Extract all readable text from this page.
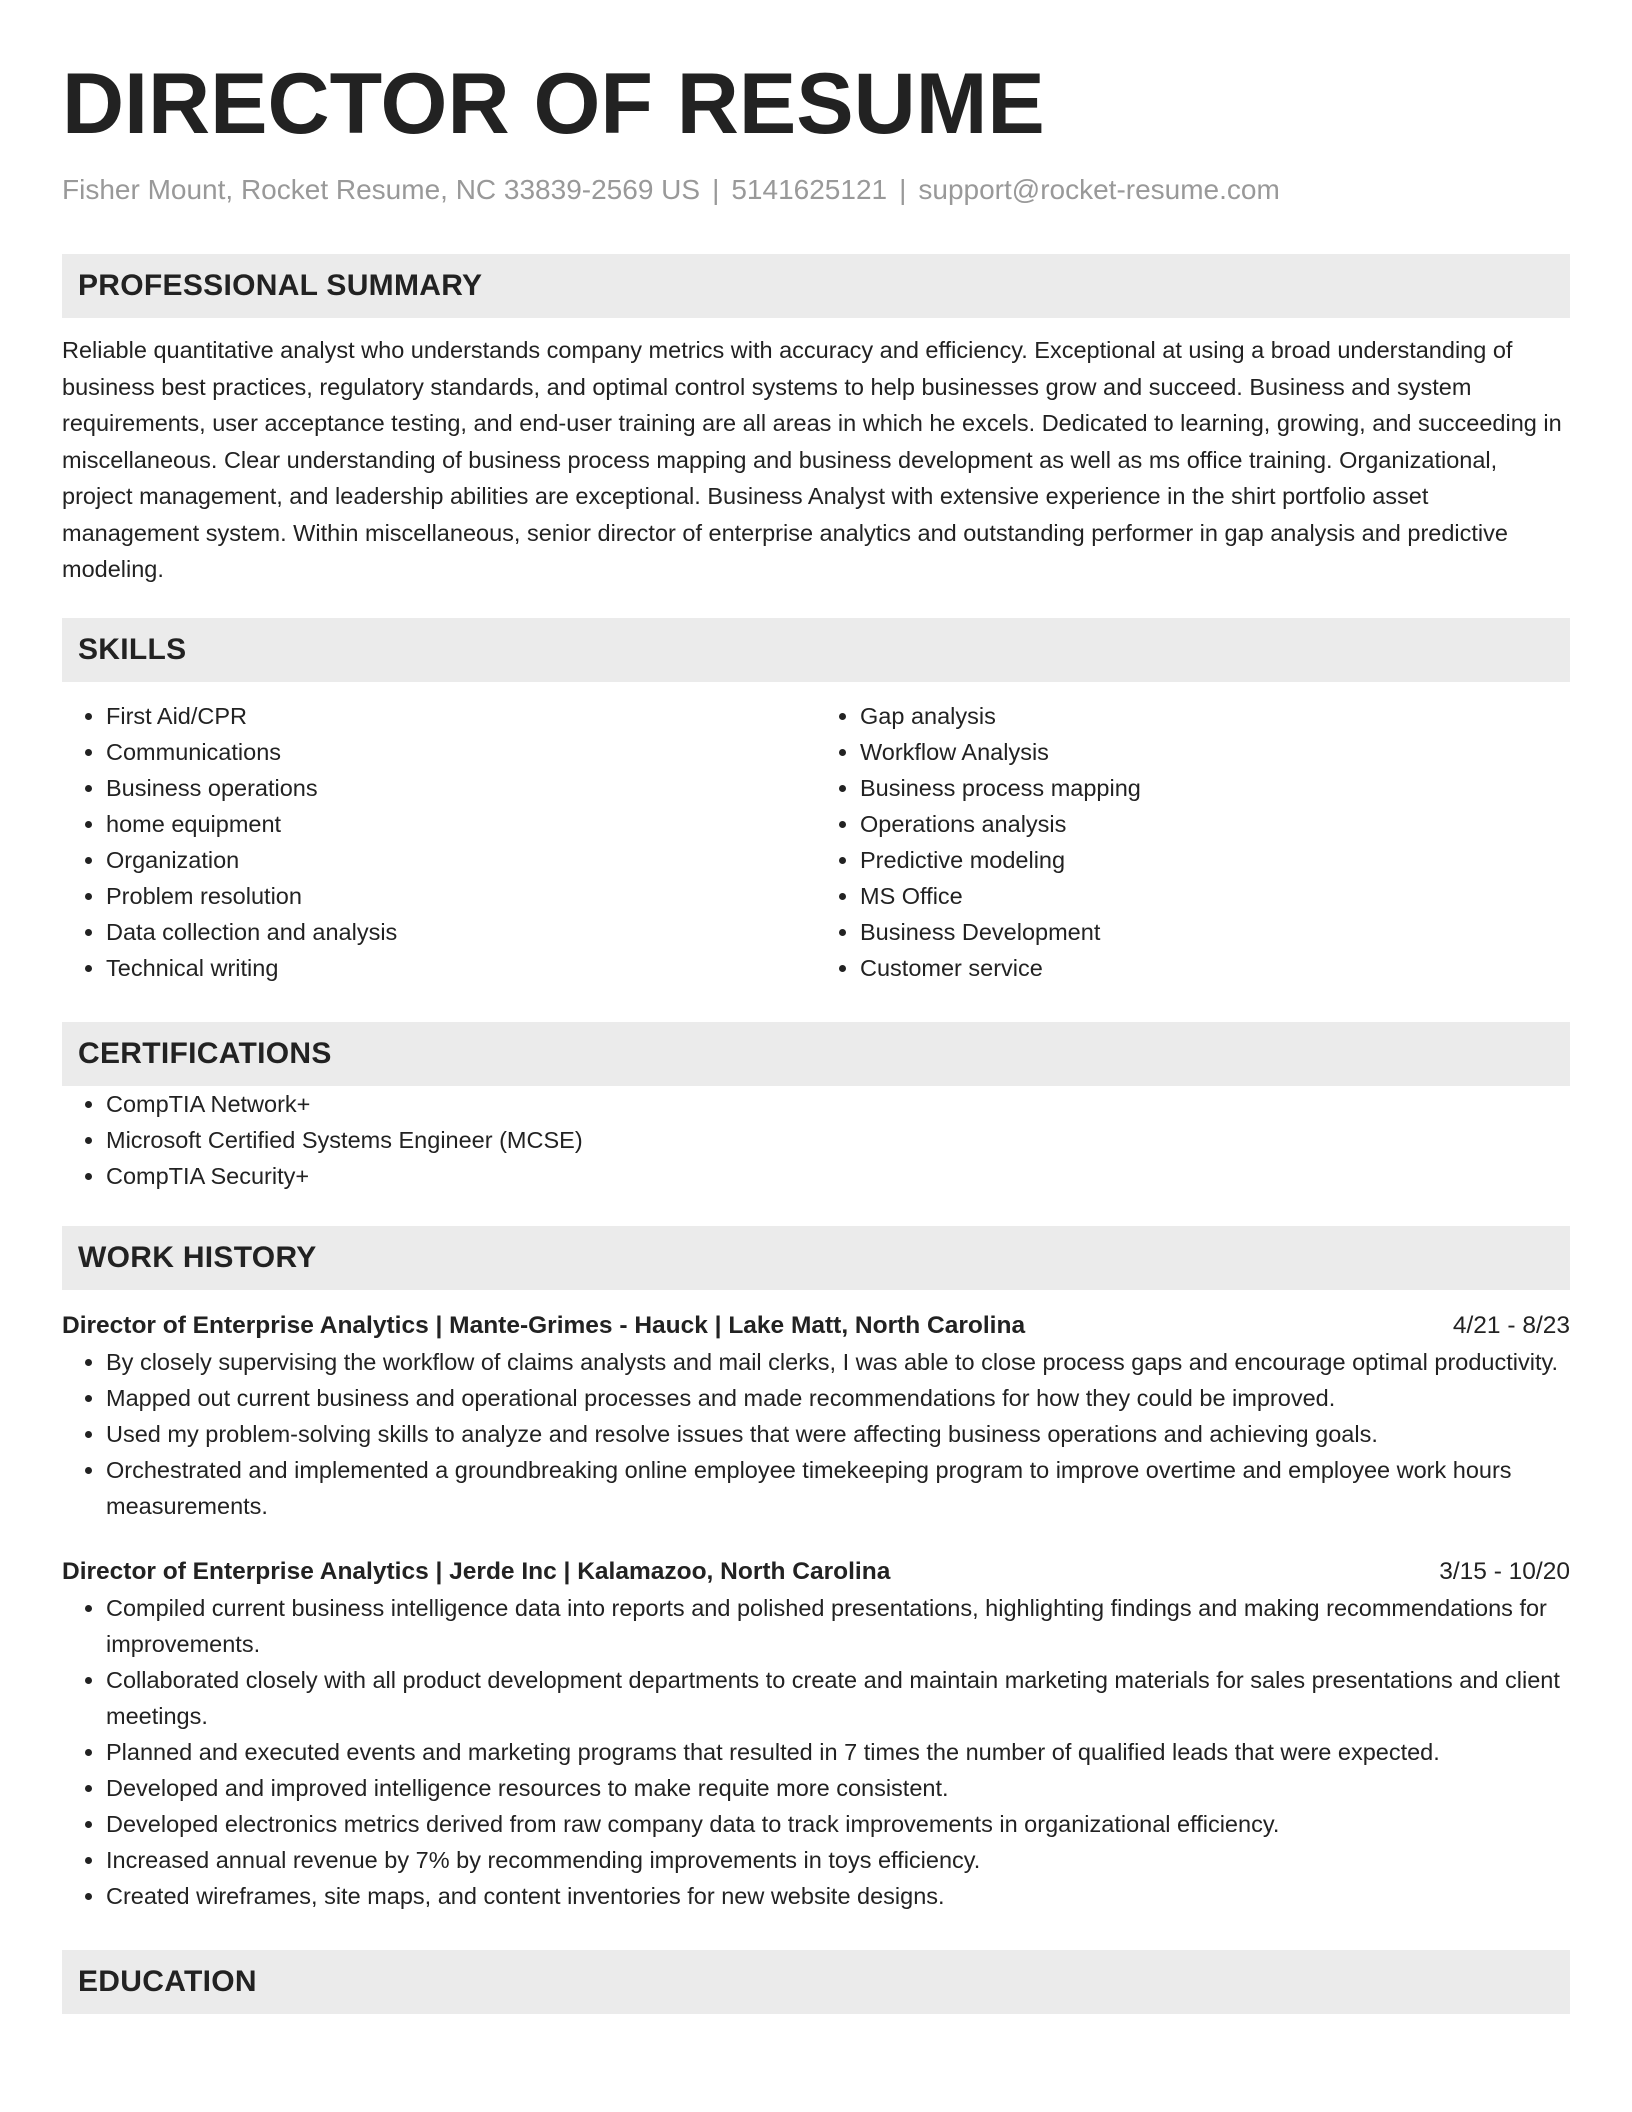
DIRECTOR OF RESUME
Fisher Mount, Rocket Resume, NC 33839-2569 US | 5141625121 | support@rocket-resume.com
PROFESSIONAL SUMMARY

Reliable quantitative analyst who understands company metrics with accuracy and efficiency. Exceptional at using a broad understanding of business best practices, regulatory standards, and optimal control systems to help businesses grow and succeed. Business and system requirements, user acceptance testing, and end-user training are all areas in which he excels. Dedicated to learning, growing, and succeeding in miscellaneous. Clear understanding of business process mapping and business development as well as ms office training. Organizational, project management, and leadership abilities are exceptional. Business Analyst with extensive experience in the shirt portfolio asset management system. Within miscellaneous, senior director of enterprise analytics and outstanding performer in gap analysis and predictive modeling.

SKILLS
• First Aid/CPR
• Communications
• Business operations
• home equipment
• Organization
• Problem resolution
• Data collection and analysis
• Technical writing
• Gap analysis
• Workflow Analysis
• Business process mapping
• Operations analysis
• Predictive modeling
• MS Office
• Business Development
• Customer service
CERTIFICATIONS
• CompTIA Network+
• Microsoft Certified Systems Engineer (MCSE)
• CompTIA Security+
WORK HISTORY
Director of Enterprise Analytics | Mante-Grimes - Hauck | Lake Matt, North Carolina	4/21 - 8/23
• By closely supervising the workflow of claims analysts and mail clerks, I was able to close process gaps and encourage optimal productivity.
• Mapped out current business and operational processes and made recommendations for how they could be improved.
• Used my problem-solving skills to analyze and resolve issues that were affecting business operations and achieving goals.
• Orchestrated and implemented a groundbreaking online employee timekeeping program to improve overtime and employee work hours measurements.
Director of Enterprise Analytics | Jerde Inc | Kalamazoo, North Carolina	3/15 - 10/20
• Compiled current business intelligence data into reports and polished presentations, highlighting findings and making recommendations for improvements.
• Collaborated closely with all product development departments to create and maintain marketing materials for sales presentations and client meetings.
• Planned and executed events and marketing programs that resulted in 7 times the number of qualified leads that were expected.
• Developed and improved intelligence resources to make requite more consistent.
• Developed electronics metrics derived from raw company data to track improvements in organizational efficiency.
• Increased annual revenue by 7% by recommending improvements in toys efficiency.
• Created wireframes, site maps, and content inventories for new website designs.
EDUCATION
